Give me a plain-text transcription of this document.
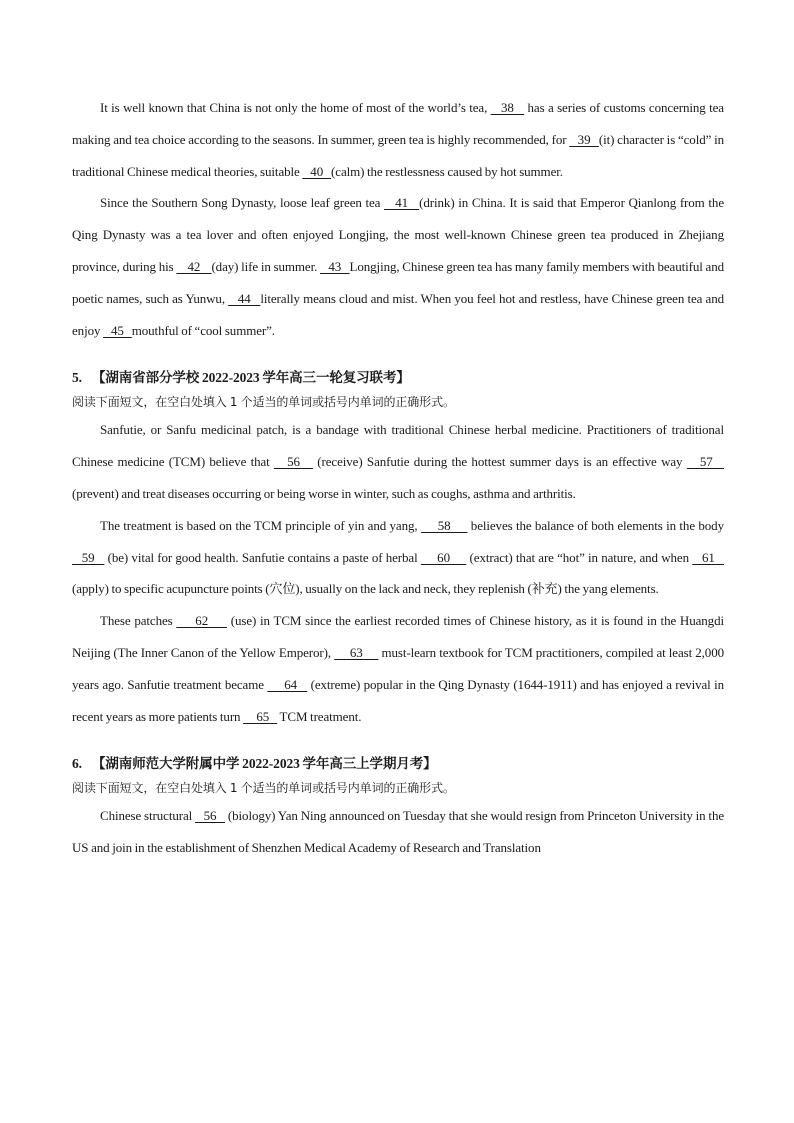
It is well known that China is not only the home of most of the world’s tea,    38    has a series of customs concerning tea making and tea choice according to the seasons. In summer, green tea is highly recommended, for    39   (it) character is “cold” in traditional Chinese medical theories, suitable    40   (calm) the restlessness caused by hot summer.

Since the Southern Song Dynasty, loose leaf green tea    41   (drink) in China. It is said that Emperor Qianlong from the Qing Dynasty was a tea lover and often enjoyed Longjing, the most well-known Chinese green tea produced in Zhejiang province, during his     42    (day) life in summer.    43   Longjing, Chinese green tea has many family members with beautiful and poetic names, such as Yunwu,    44   literally means cloud and mist. When you feel hot and restless, have Chinese green tea and enjoy    45   mouthful of “cool summer”.

5. 【湖南省部分学校 2022-2023 学年高三一轮复习联考】

阅读下面短文，在空白处填入 1 个适当的单词或括号内单词的正确形式。

Sanfutie, or Sanfu medicinal patch, is a bandage with traditional Chinese herbal medicine. Practitioners of traditional Chinese medicine (TCM) believe that    56    (receive) Sanfutie during the hottest summer days is an effective way    57    (prevent) and treat diseases occurring or being worse in winter, such as coughs, asthma and arthritis.

The treatment is based on the TCM principle of yin and yang,      58      believes the balance of both elements in the body    59    (be) vital for good health. Sanfutie contains a paste of herbal      60      (extract) that are “hot” in nature, and when    61    (apply) to specific acupuncture points (穴位), usually on the lack and neck, they replenish (补充) the yang elements.

These patches      62      (use) in TCM since the earliest recorded times of Chinese history, as it is found in the Huangdi Neijing (The Inner Canon of the Yellow Emperor),      63      must-learn textbook for TCM practitioners, compiled at least 2,000 years ago. Sanfutie treatment became      64    (extreme) popular in the Qing Dynasty (1644-1911) and has enjoyed a revival in recent years as more patients turn      65    TCM treatment.

6. 【湖南师范大学附属中学 2022-2023 学年高三上学期月考】

阅读下面短文，在空白处填入 1 个适当的单词或括号内单词的正确形式。

Chinese structural    56    (biology) Yan Ning announced on Tuesday that she would resign from Princeton University in the US and join in the establishment of Shenzhen Medical Academy of Research and Translation
